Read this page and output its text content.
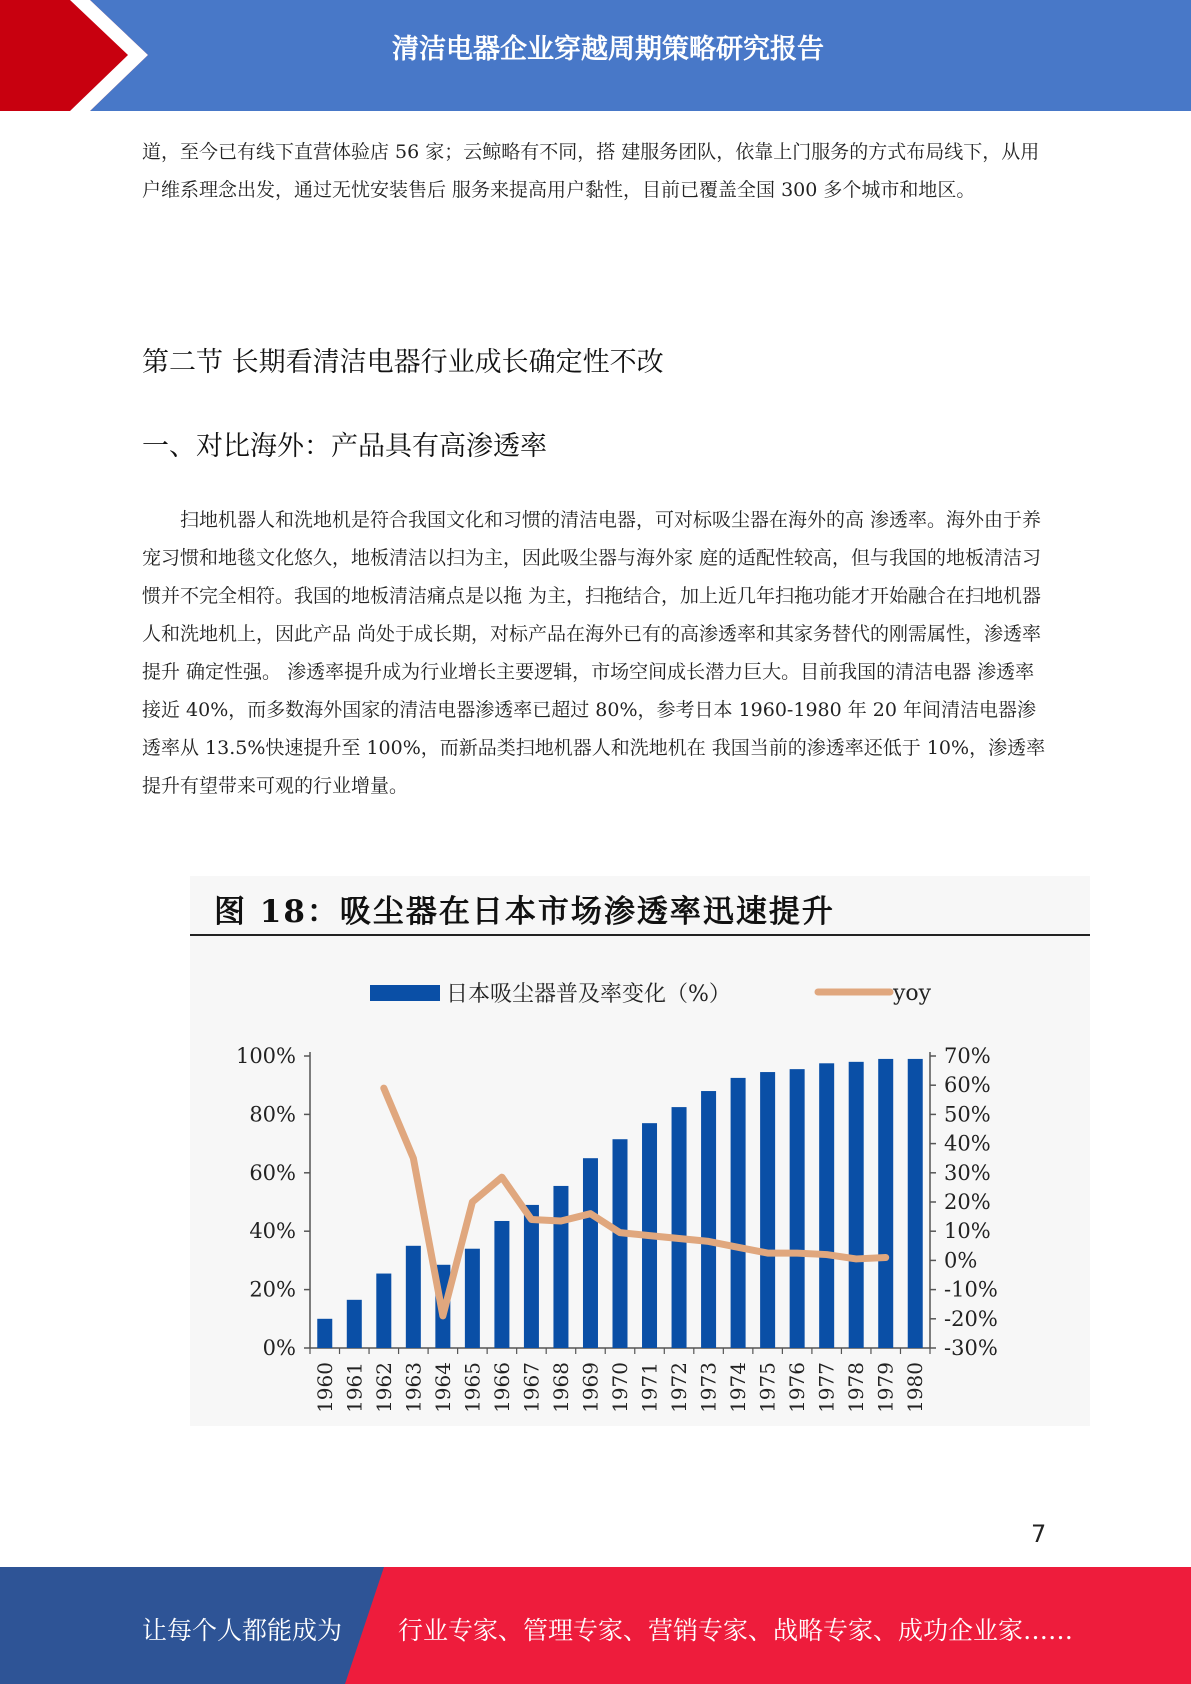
清洁电器企业穿越周期策略研究报告

道，至今已有线下直营体验店 56 家；云鲸略有不同，搭 建服务团队，依靠上门服务的方式布局线下，从用户维系理念出发，通过无忧安装售后 服务来提高用户黏性，目前已覆盖全国 300 多个城市和地区。

第二节 长期看清洁电器行业成长确定性不改
一、对比海外：产品具有高渗透率

扫地机器人和洗地机是符合我国文化和习惯的清洁电器，可对标吸尘器在海外的高 渗透率。海外由于养宠习惯和地毯文化悠久，地板清洁以扫为主，因此吸尘器与海外家 庭的适配性较高，但与我国的地板清洁习惯并不完全相符。我国的地板清洁痛点是以拖 为主，扫拖结合，加上近几年扫拖功能才开始融合在扫地机器人和洗地机上，因此产品 尚处于成长期，对标产品在海外已有的高渗透率和其家务替代的刚需属性，渗透率提升 确定性强。 渗透率提升成为行业增长主要逻辑，市场空间成长潜力巨大。目前我国的清洁电器 渗透率接近 40%，而多数海外国家的清洁电器渗透率已超过 80%，参考日本 1960-1980 年 20 年间清洁电器渗透率从 13.5%快速提升至 100%，而新品类扫地机器人和洗地机在 我国当前的渗透率还低于 10%，渗透率提升有望带来可观的行业增量。

图 18：吸尘器在日本市场渗透率迅速提升
日本吸尘器普及率变化（%）	yoy
0%
20%
40%
60%
80%
100%
-30%
-20%
-10%
0%
10%
20%
30%
40%
50%
60%
70%
1960 1961 1962 1963 1964 1965 1966 1967 1968 1969 1970 1971 1972 1973 1974 1975 1976 1977 1978 1979 1980
7
让每个人都能成为 行业专家、管理专家、营销专家、战略专家、成功企业家……
